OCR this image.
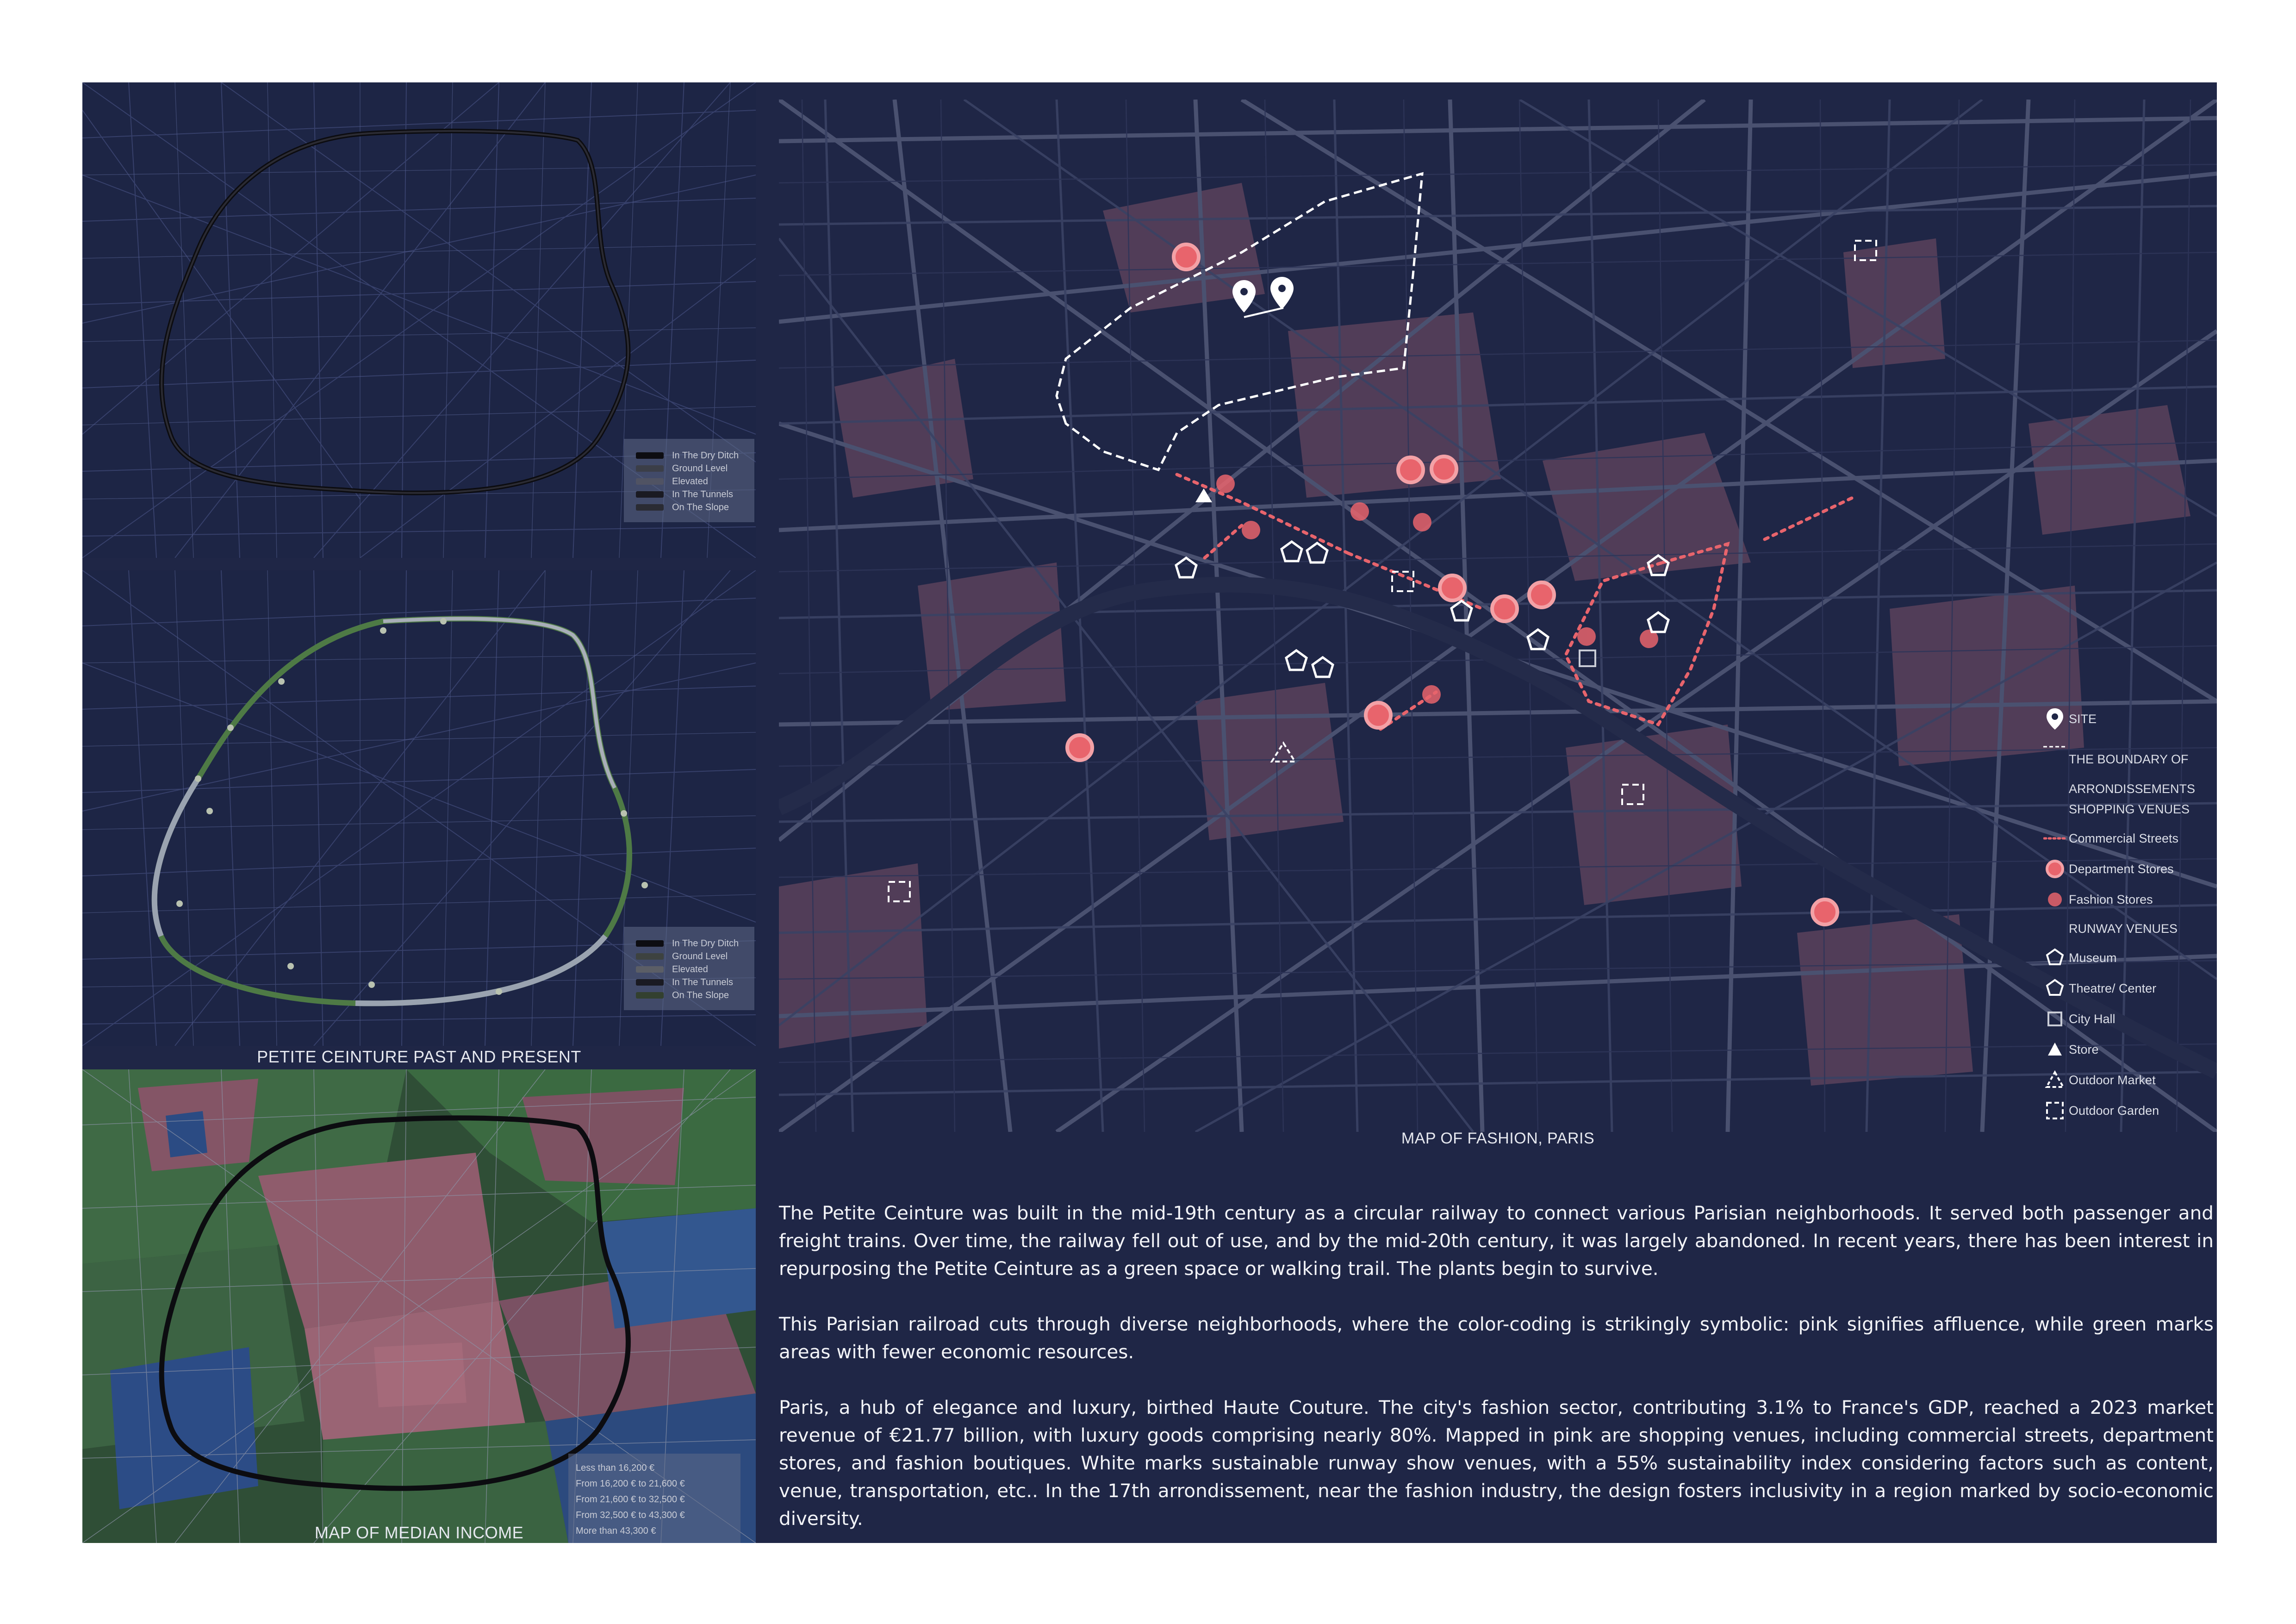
In The Dry Ditch
Ground Level
Elevated
In The Tunnels
On The Slope
In The Dry Ditch
Ground Level
Elevated
In The Tunnels
On The Slope
PETITE CEINTURE PAST AND PRESENT
Less than 16,200 €
From 16,200 € to 21,600 €
From 21,600 € to 32,500 €
From 32,500 € to 43,300 €
More than 43,300 €
MAP OF MEDIAN INCOME
SITE
THE BOUNDARY OF ARRONDISSEMENTS
SHOPPING VENUES
Commercial Streets
Department Stores
Fashion Stores
RUNWAY VENUES
Museum
Theatre/ Center
City Hall
Store
Outdoor Market
Outdoor Garden
MAP OF FASHION, PARIS

The Petite Ceinture was built in the mid-19th century as a circular railway to connect various Parisian neighborhoods. It served both passenger and freight trains. Over time, the railway fell out of use, and by the mid-20th century, it was largely abandoned. In recent years, there has been interest in repurposing the Petite Ceinture as a green space or walking trail. The plants begin to survive.

This Parisian railroad cuts through diverse neighborhoods, where the color-coding is strikingly symbolic: pink signifies affluence, while green marks areas with fewer economic resources.

Paris, a hub of elegance and luxury, birthed Haute Couture. The city's fashion sector, contributing 3.1% to France's GDP, reached a 2023 market revenue of €21.77 billion, with luxury goods comprising nearly 80%. Mapped in pink are shopping venues, including commercial streets, department stores, and fashion boutiques. White marks sustainable runway show venues, with a 55% sustainability index considering factors such as content, venue, transportation, etc.. In the 17th arrondissement, near the fashion industry, the design fosters inclusivity in a region marked by socio-economic diversity.
